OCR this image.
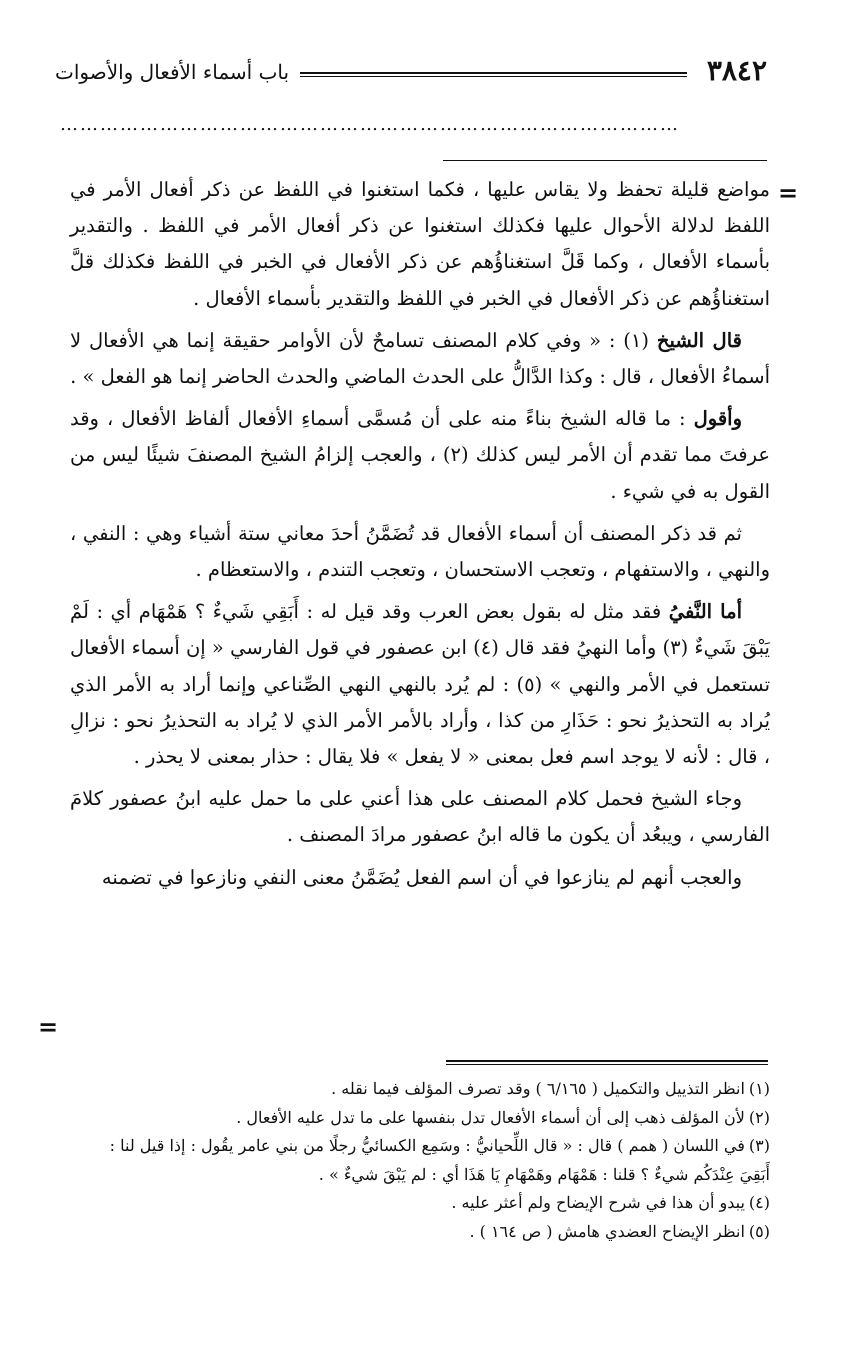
٣٨٤٢
باب أسماء الأفعال والأصوات
…………………………………………………………………………………
=
=

مواضع قليلة تحفظ ولا يقاس عليها ، فكما استغنوا في اللفظ عن ذكر أفعال الأمر في اللفظ لدلالة الأحوال عليها فكذلك استغنوا عن ذكر أفعال الأمر في اللفظ . والتقدير بأسماء الأفعال ، وكما قَلَّ استغناؤُهم عن ذكر الأفعال في الخبر في اللفظ فكذلك قلَّ استغناؤُهم عن ذكر الأفعال في الخبر في اللفظ والتقدير بأسماء الأفعال .

قال الشيخ (١) : « وفي كلام المصنف تسامحٌ لأن الأوامر حقيقة إنما هي الأفعال لا أسماءُ الأفعال ، قال : وكذا الدَّالُّ على الحدث الماضي والحدث الحاضر إنما هو الفعل » .

وأقول : ما قاله الشيخ بناءً منه على أن مُسمَّى أسماءِ الأفعال ألفاظ الأفعال ، وقد عرفتَ مما تقدم أن الأمر ليس كذلك (٢) ، والعجب إلزامُ الشيخ المصنفَ شيئًا ليس من القول به في شيء .

ثم قد ذكر المصنف أن أسماء الأفعال قد تُضَمَّنُ أحدَ معاني ستة أشياء وهي : النفي ، والنهي ، والاستفهام ، وتعجب الاستحسان ، وتعجب التندم ، والاستعظام .

أما النَّفيُ فقد مثل له بقول بعض العرب وقد قيل له : أَبَقِي شَيءٌ ؟ هَمْهَام أي : لَمْ يَبْقَ شَيءٌ (٣) وأما النهيُ فقد قال (٤) ابن عصفور في قول الفارسي « إن أسماء الأفعال تستعمل في الأمر والنهي » (٥) : لم يُرد بالنهي النهي الصِّناعي وإنما أراد به الأمر الذي يُراد به التحذيرُ نحو : حَذَارِ من كذا ، وأراد بالأمر الأمر الذي لا يُراد به التحذيرُ نحو : نزالِ ، قال : لأنه لا يوجد اسم فعل بمعنى « لا يفعل » فلا يقال : حذار بمعنى لا يحذر .

وجاء الشيخ فحمل كلام المصنف على هذا أعني على ما حمل عليه ابنُ عصفور كلامَ الفارسي ، ويبعُد أن يكون ما قاله ابنُ عصفور مرادَ المصنف .

والعجب أنهم لم ينازعوا في أن اسم الفعل يُضَمَّنُ معنى النفي ونازعوا في تضمنه

(١)انظر التذييل والتكميل ( ٦/١٦٥ ) وقد تصرف المؤلف فيما نقله .

(٢)لأن المؤلف ذهب إلى أن أسماء الأفعال تدل بنفسها على ما تدل عليه الأفعال .

(٣)في اللسان ( همم ) قال : « قال اللِّحيانيُّ : وسَمِع الكسائيُّ رجلًا من بني عامر يقُول : إذا قيل لنا : أَبَقِيَ عِنْدَكُم شيءٌ ؟ قلنا : هَمْهَام وهَمْهَامِ يَا هَذَا أي : لم يَبْقَ شيءٌ » .

(٤)يبدو أن هذا في شرح الإيضاح ولم أعثر عليه .

(٥)انظر الإيضاح العضدي هامش ( ص ١٦٤ ) .
